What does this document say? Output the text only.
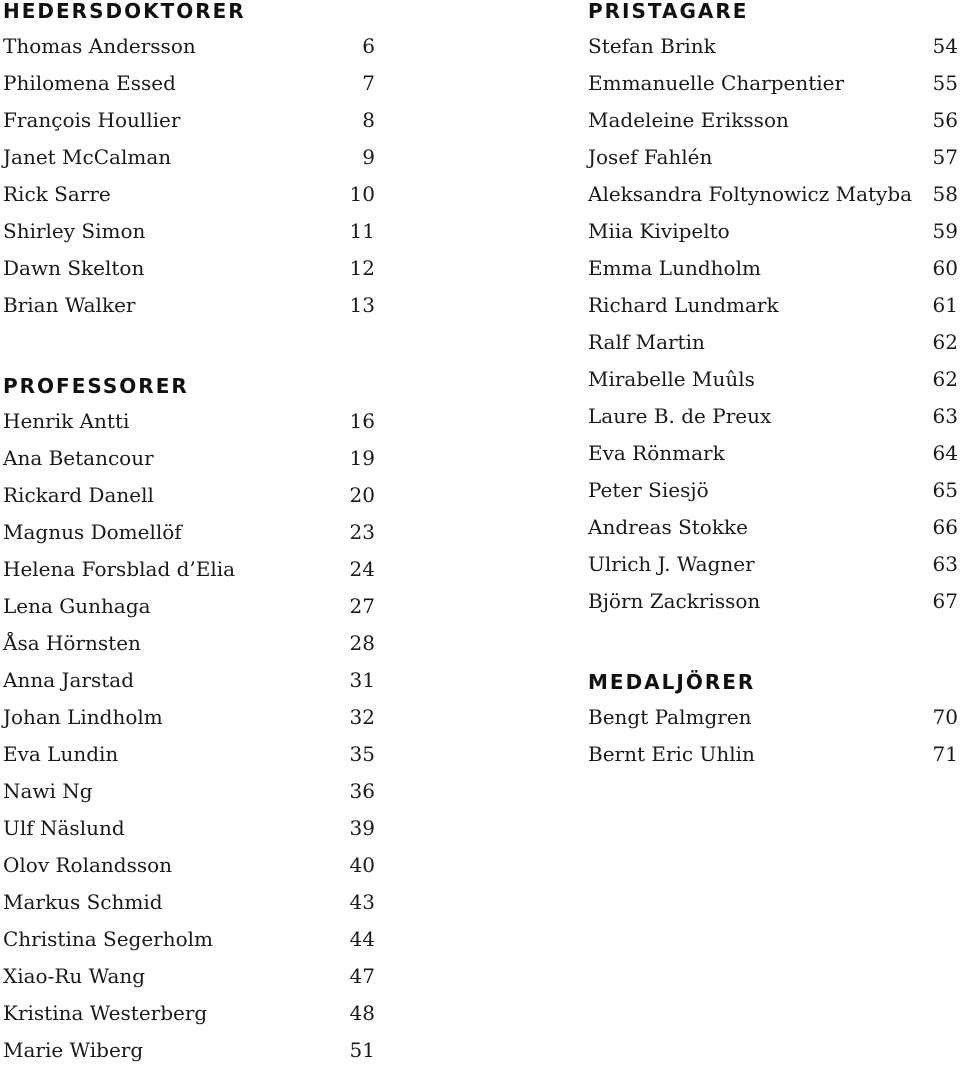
HEDERSDOKTORER
Thomas Andersson	6
Philomena Essed	7
François Houllier	8
Janet McCalman	9
Rick Sarre	10
Shirley Simon	11
Dawn Skelton	12
Brian Walker	13
PROFESSORER
Henrik Antti	16
Ana Betancour	19
Rickard Danell	20
Magnus Domellöf	23
Helena Forsblad d’Elia	24
Lena Gunhaga	27
Åsa Hörnsten	28
Anna Jarstad	31
Johan Lindholm	32
Eva Lundin	35
Nawi Ng	36
Ulf Näslund	39
Olov Rolandsson	40
Markus Schmid	43
Christina Segerholm	44
Xiao-Ru Wang	47
Kristina Westerberg	48
Marie Wiberg	51
PRISTAGARE
Stefan Brink	54
Emmanuelle Charpentier	55
Madeleine Eriksson	56
Josef Fahlén	57
Aleksandra Foltynowicz Matyba 58
Miia Kivipelto	59
Emma Lundholm	60
Richard Lundmark	61
Ralf Martin	62
Mirabelle Muûls	62
Laure B. de Preux	63
Eva Rönmark	64
Peter Siesjö	65
Andreas Stokke	66
Ulrich J. Wagner	63
Björn Zackrisson	67
MEDALJÖRER
Bengt Palmgren	70
Bernt Eric Uhlin	71
